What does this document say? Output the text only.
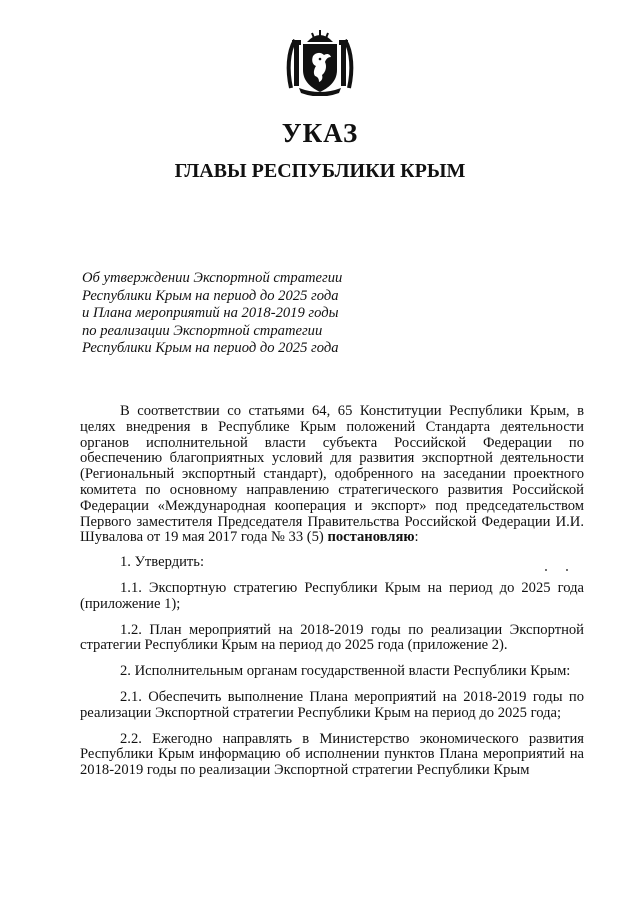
УКАЗ
ГЛАВЫ РЕСПУБЛИКИ КРЫМ
Об утверждении Экспортной стратегии
Республики Крым на период до 2025 года
и Плана мероприятий на 2018-2019 годы
по реализации Экспортной стратегии
Республики Крым на период до 2025 года

В соответствии со статьями 64, 65 Конституции Республики Крым, в целях внедрения в Республике Крым положений Стандарта деятельности органов исполнительной власти субъекта Российской Федерации по обеспечению благоприятных условий для развития экспортной деятельности (Региональный экспортный стандарт), одобренного на заседании проектного комитета по основному направлению стратегического развития Российской Федерации «Международная кооперация и экспорт» под председательством Первого заместителя Председателя Правительства Российской Федерации И.И. Шувалова от 19 мая 2017 года № 33 (5) постановляю:

1. Утвердить:

1.1. Экспортную стратегию Республики Крым на период до 2025 года (приложение 1);

1.2. План мероприятий на 2018-2019 годы по реализации Экспортной стратегии Республики Крым на период до 2025 года (приложение 2).

2. Исполнительным органам государственной власти Республики Крым:

2.1. Обеспечить выполнение Плана мероприятий на 2018-2019 годы по реализации Экспортной стратегии Республики Крым на период до 2025 года;

2.2. Ежегодно направлять в Министерство экономического развития Республики Крым информацию об исполнении пунктов Плана мероприятий на 2018-2019 годы по реализации Экспортной стратегии Республики Крым
